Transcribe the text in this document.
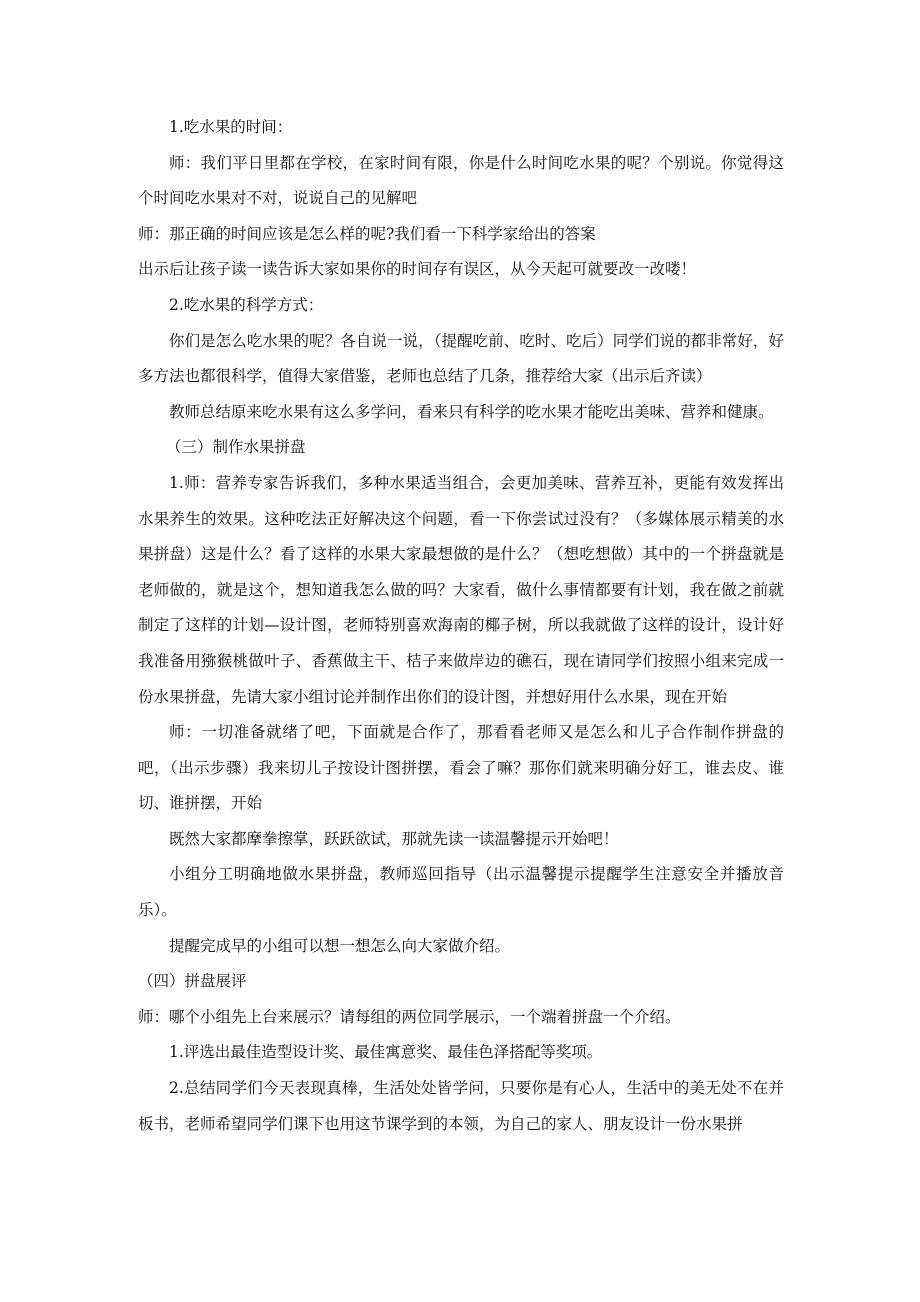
1.吃水果的时间：

师：我们平日里都在学校，在家时间有限，你是什么时间吃水果的呢？个别说。你觉得这个时间吃水果对不对，说说自己的见解吧

师：那正确的时间应该是怎么样的呢?我们看一下科学家给出的答案

出示后让孩子读一读告诉大家如果你的时间存有误区，从今天起可就要改一改喽！

2.吃水果的科学方式：

你们是怎么吃水果的呢？各自说一说，（提醒吃前、吃时、吃后）同学们说的都非常好，好多方法也都很科学，值得大家借鉴，老师也总结了几条，推荐给大家（出示后齐读）

教师总结原来吃水果有这么多学问，看来只有科学的吃水果才能吃出美味、营养和健康。

（三）制作水果拼盘

1.师：营养专家告诉我们，多种水果适当组合，会更加美味、营养互补，更能有效发挥出水果养生的效果。这种吃法正好解决这个问题，看一下你尝试过没有？（多媒体展示精美的水果拼盘）这是什么？看了这样的水果大家最想做的是什么？（想吃想做）其中的一个拼盘就是老师做的，就是这个，想知道我怎么做的吗？大家看，做什么事情都要有计划，我在做之前就制定了这样的计划—设计图，老师特别喜欢海南的椰子树，所以我就做了这样的设计，设计好我准备用猕猴桃做叶子、香蕉做主干、桔子来做岸边的礁石，现在请同学们按照小组来完成一份水果拼盘，先请大家小组讨论并制作出你们的设计图，并想好用什么水果，现在开始

师：一切准备就绪了吧，下面就是合作了，那看看老师又是怎么和儿子合作制作拼盘的吧，（出示步骤）我来切儿子按设计图拼摆，看会了嘛？那你们就来明确分好工，谁去皮、谁切、谁拼摆，开始

既然大家都摩拳擦掌，跃跃欲试，那就先读一读温馨提示开始吧！

小组分工明确地做水果拼盘，教师巡回指导（出示温馨提示提醒学生注意安全并播放音乐）。

提醒完成早的小组可以想一想怎么向大家做介绍。

（四）拼盘展评

师：哪个小组先上台来展示？请每组的两位同学展示，一个端着拼盘一个介绍。

1.评选出最佳造型设计奖、最佳寓意奖、最佳色泽搭配等奖项。

2.总结同学们今天表现真棒，生活处处皆学问，只要你是有心人，生活中的美无处不在并板书，老师希望同学们课下也用这节课学到的本领，为自己的家人、朋友设计一份水果拼
